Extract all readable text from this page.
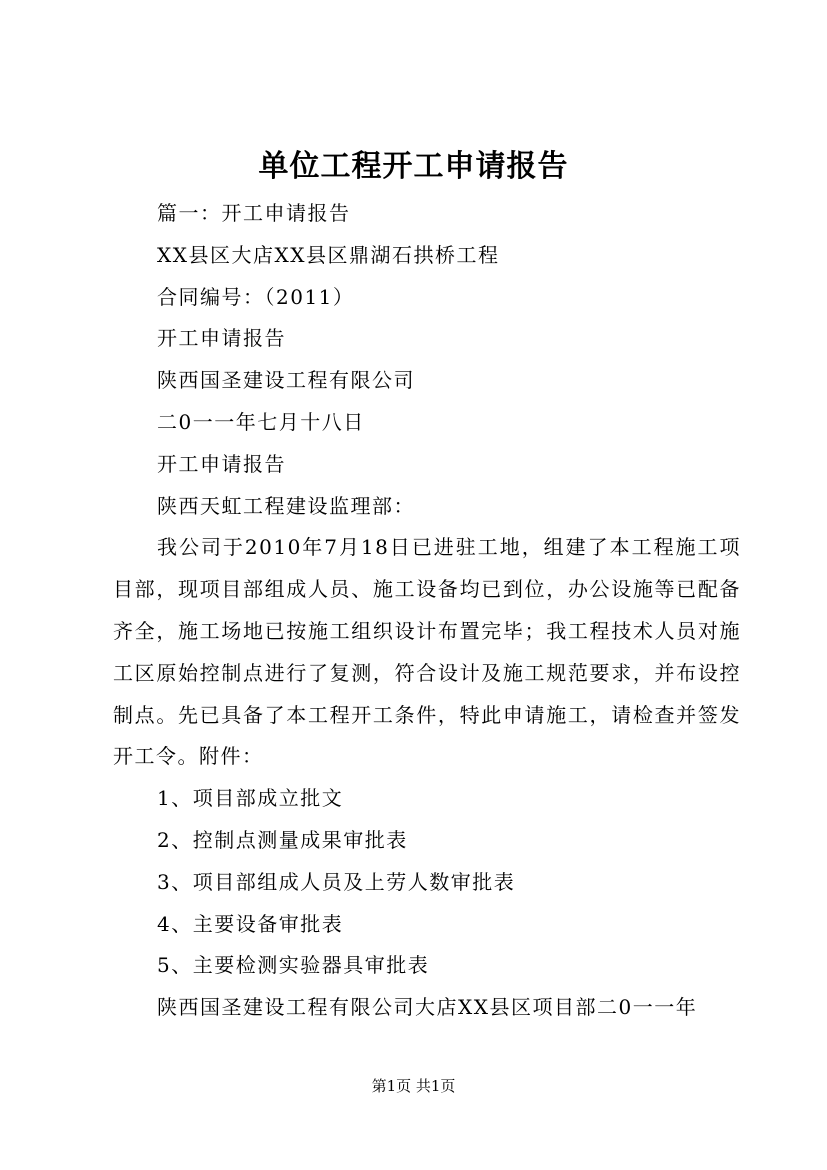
单位工程开工申请报告

篇一：开工申请报告

XX县区大店XX县区鼎湖石拱桥工程

合同编号：（2011）

开工申请报告

陕西国圣建设工程有限公司

二0一一年七月十八日

开工申请报告

陕西天虹工程建设监理部：

我公司于2010年7月18日已进驻工地，组建了本工程施工项目部，现项目部组成人员、施工设备均已到位，办公设施等已配备齐全，施工场地已按施工组织设计布置完毕；我工程技术人员对施工区原始控制点进行了复测，符合设计及施工规范要求，并布设控制点。先已具备了本工程开工条件，特此申请施工，请检查并签发开工令。附件：

1、项目部成立批文

2、控制点测量成果审批表

3、项目部组成人员及上劳人数审批表

4、主要设备审批表

5、主要检测实验器具审批表

陕西国圣建设工程有限公司大店XX县区项目部二0一一年

第1页 共1页
